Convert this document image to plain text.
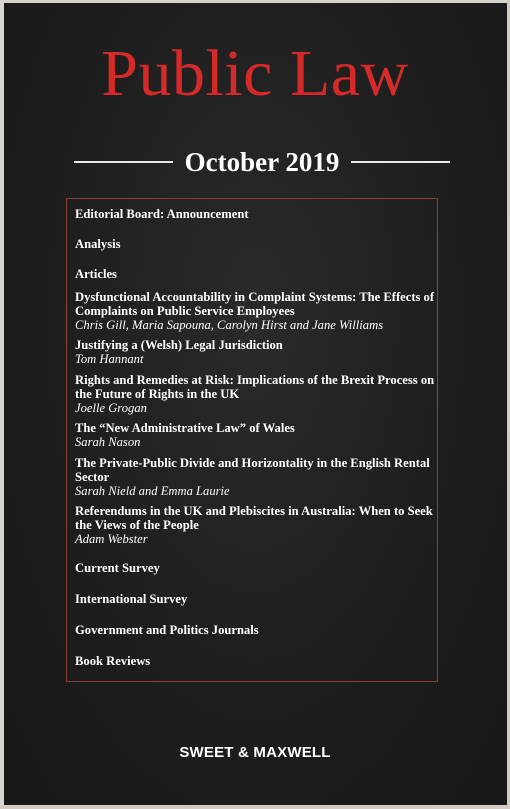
Public Law
October 2019
Editorial Board: Announcement
Analysis
Articles
Dysfunctional Accountability in Complaint Systems: The Effects of
Complaints on Public Service Employees
Chris Gill, Maria Sapouna, Carolyn Hirst and Jane Williams
Justifying a (Welsh) Legal Jurisdiction
Tom Hannant
Rights and Remedies at Risk: Implications of the Brexit Process on
the Future of Rights in the UK
Joelle Grogan
The “New Administrative Law” of Wales
Sarah Nason
The Private-Public Divide and Horizontality in the English Rental
Sector
Sarah Nield and Emma Laurie
Referendums in the UK and Plebiscites in Australia: When to Seek
the Views of the People
Adam Webster
Current Survey
International Survey
Government and Politics Journals
Book Reviews
SWEET & MAXWELL
